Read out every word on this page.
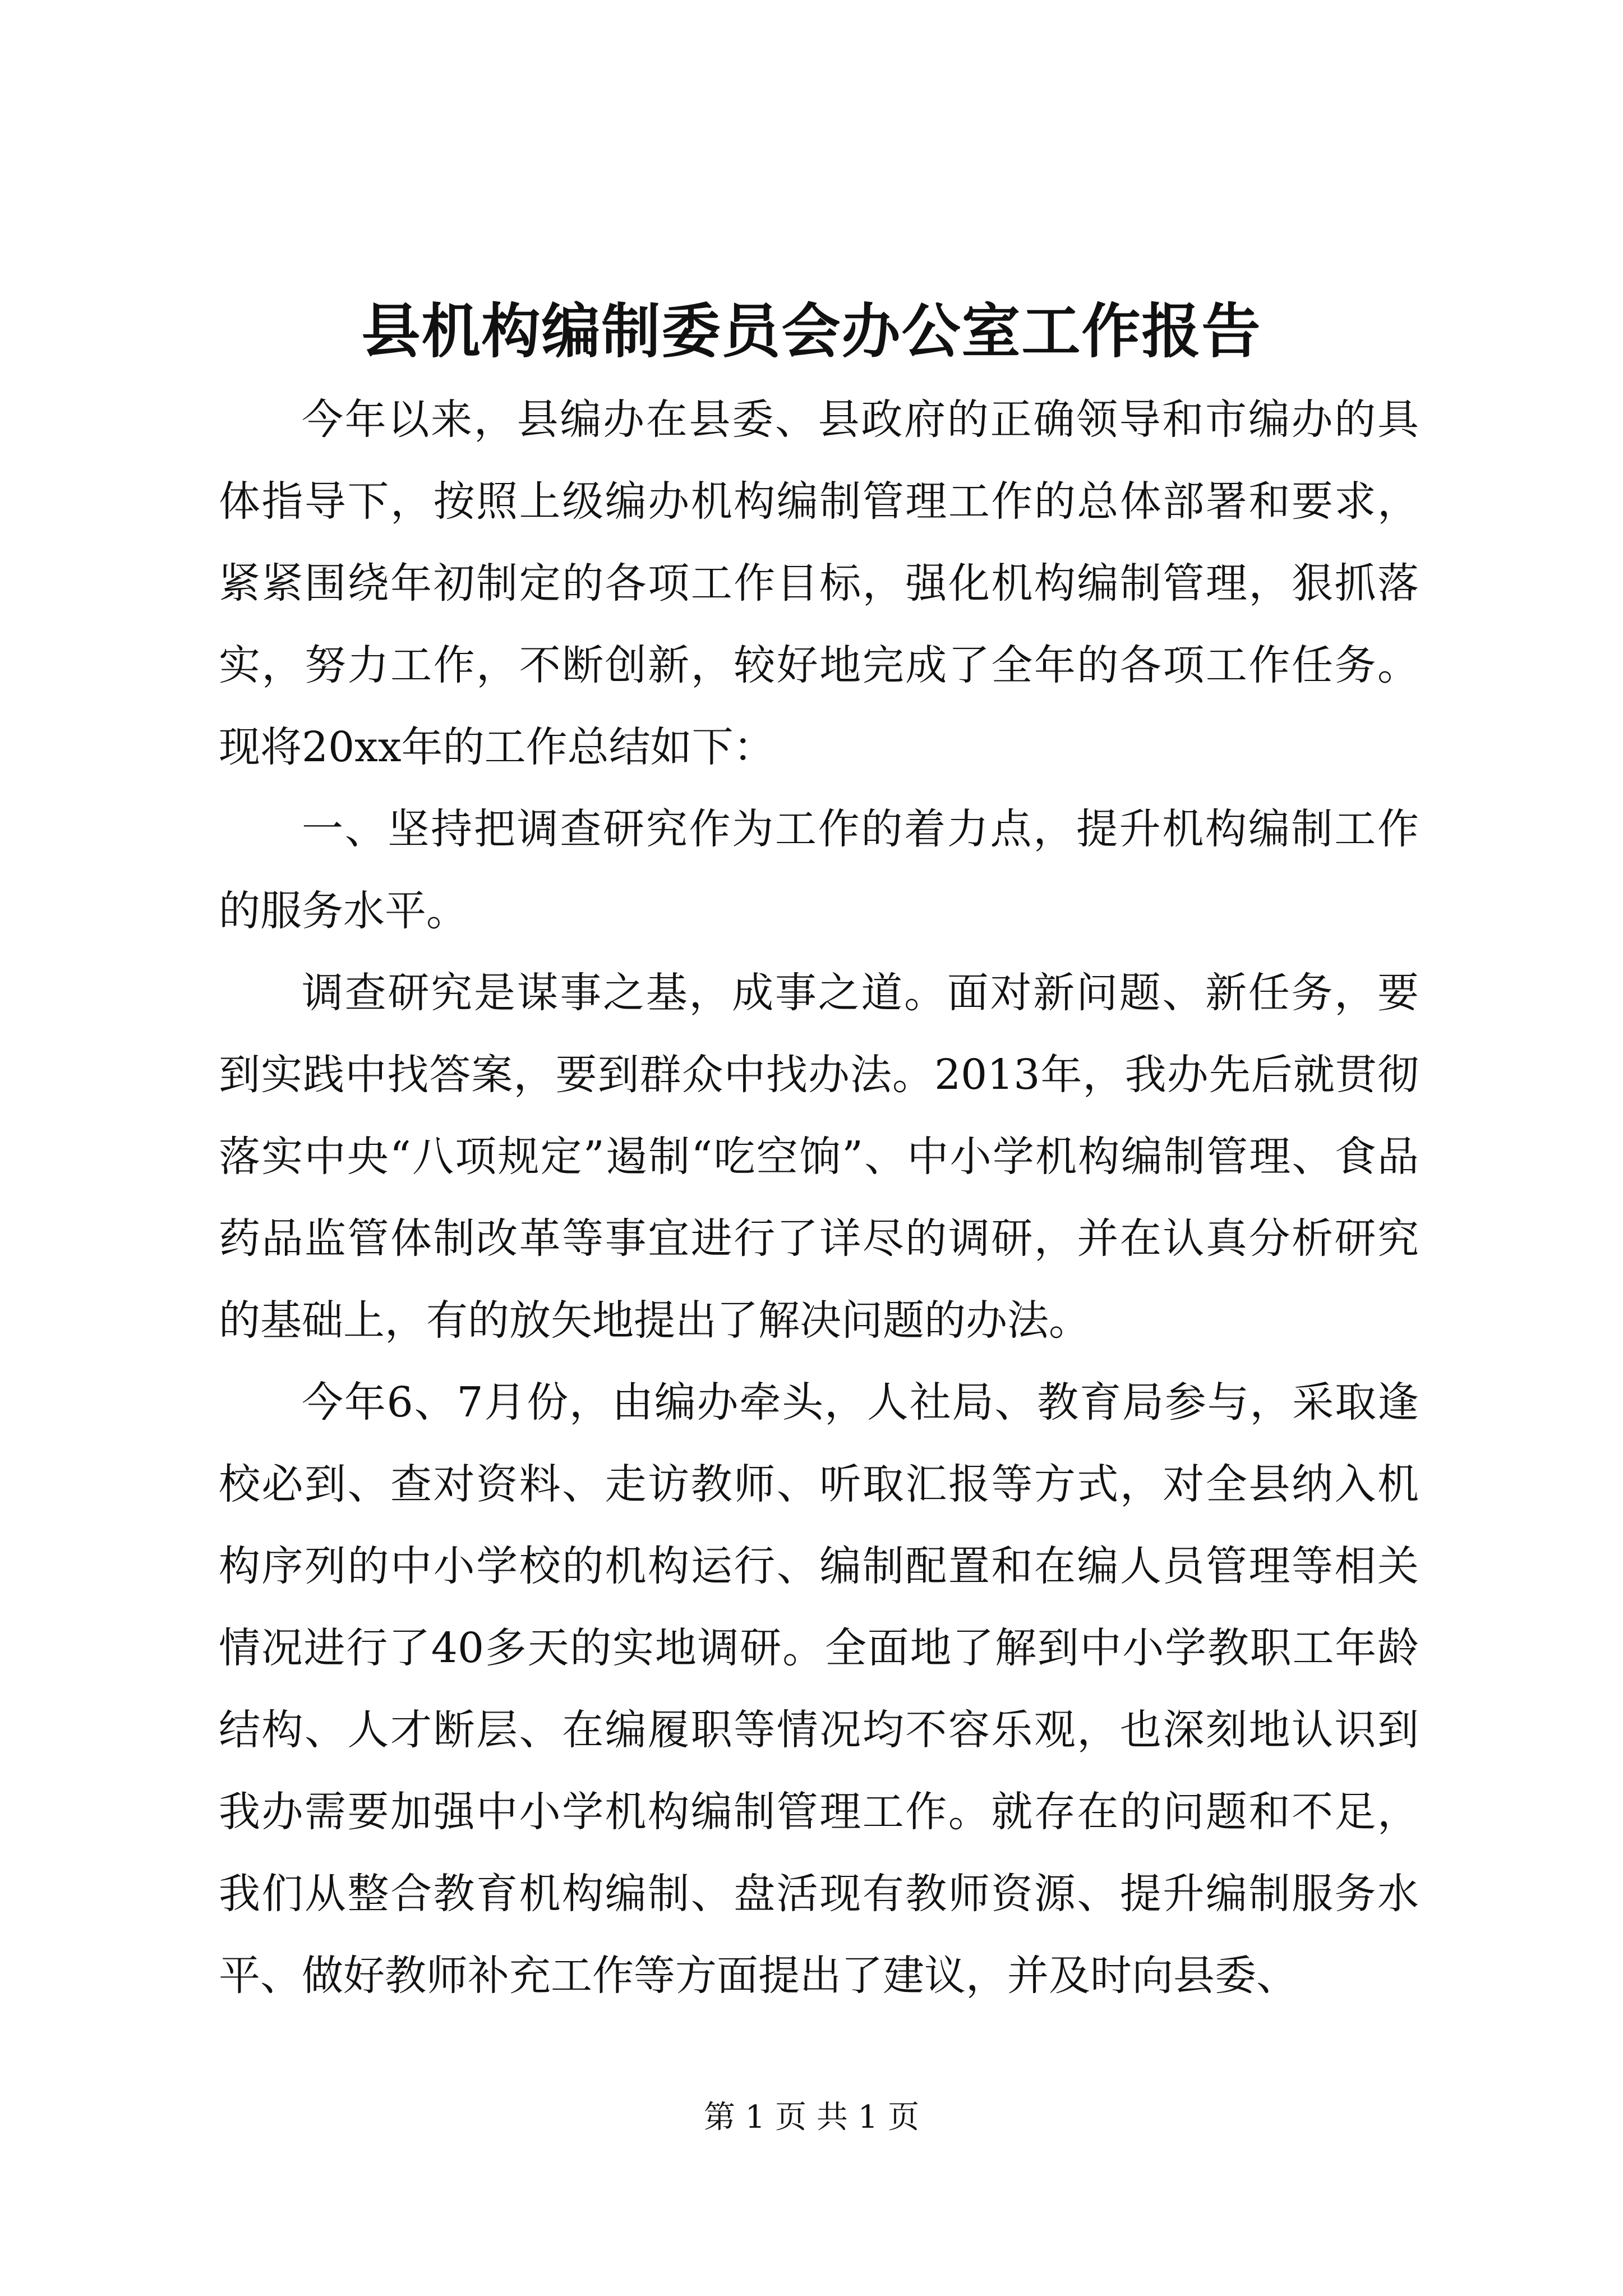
县机构编制委员会办公室工作报告

今年以来，县编办在县委、县政府的正确领导和市编办的具体指导下，按照上级编办机构编制管理工作的总体部署和要求，紧紧围绕年初制定的各项工作目标，强化机构编制管理，狠抓落实，努力工作，不断创新，较好地完成了全年的各项工作任务。现将20xx年的工作总结如下：

一、坚持把调查研究作为工作的着力点，提升机构编制工作的服务水平。

调查研究是谋事之基，成事之道。面对新问题、新任务，要到实践中找答案，要到群众中找办法。2013年，我办先后就贯彻落实中央“八项规定”遏制“吃空饷”、中小学机构编制管理、食品药品监管体制改革等事宜进行了详尽的调研，并在认真分析研究的基础上，有的放矢地提出了解决问题的办法。

今年6、7月份，由编办牵头，人社局、教育局参与，采取逢校必到、查对资料、走访教师、听取汇报等方式，对全县纳入机构序列的中小学校的机构运行、编制配置和在编人员管理等相关情况进行了40多天的实地调研。全面地了解到中小学教职工年龄结构、人才断层、在编履职等情况均不容乐观，也深刻地认识到我办需要加强中小学机构编制管理工作。就存在的问题和不足，我们从整合教育机构编制、盘活现有教师资源、提升编制服务水平、做好教师补充工作等方面提出了建议，并及时向县委、

第 1 页 共 1 页
